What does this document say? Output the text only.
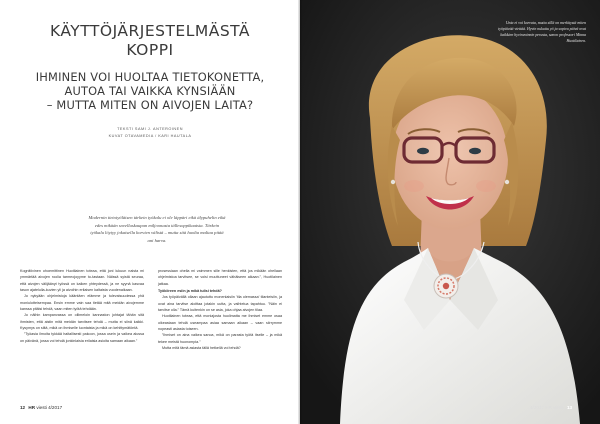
KÄYTTÖJÄRJESTELMÄSTÄ
KOPPI
IHMINEN VOI HUOLTAA TIETOKONETTA,
AUTOA TAI VAIKKA KYNSIÄÄN
– MUTTA MITEN ON AIVOJEN LAITA?
TEKSTI SAMI J. ANTEROINEN
KUVAT OTAVAMEDIA / KARI HAUTALA
Modernin tietotyöläisen tärkein työkalu ei ole läppäri eikä älypuhelin eikä edes mikään sovelluskaupan miljoonasta tällesoppikaatsta. Tärkein työkalu löytyy jokaisella korvien välistä – mutta sitä huolta maltaa pitää ani harva.

Kognitiivinen ohoemittinen Huotilainen toteaa, että joni lukuun naista mi ymmärtää aivojen roolia tarmeojoyyme to-tastaan. Näissä syistä seuraa, että aivojen välijäänyt työssä on kaiken yhteydessä, ja ne syynä kasvaa tason ajatelulla-kuvien yli ja aivoihin erilaisen kaltaista vuodenaikaan.

Jo nykyään ohjelmistoja kääntäen elämme ja tulevaisuudessa yhä moniulotteisempaa. Ensin emme vain saa tietää mitä meidän aivojemme kanssa pitäisi tehdä, vaan miten työtä tehdään.

Jo näihin kampanvassa on ollimeloin kannaston johtajat tähän sitä ihmisten, että aistin mitä meidän tarvitsee tehdä – mutta ei siinä kaikki. Kysymys on siitä, mikä on ihmiselle luontaista ja mikä on kehittymätöntä.

”Työasia ilmoita tykkää haitallisesti pakoon, jossa usein ja vaikea alussa on päivänä, jossa voi tehdä jonkinlaisia erilaisia asioita samaan aikaan.”

prosessiaan ohella mi vaimmen sille henkisten, että jos mikään ohellaan ohjelmistoa tarvitsee, se voisi muuttuneet vähäiseen aikaan.”, Huotilainen jatkaa.

Työkiireen esiin ja mikä tulisi tehdä?

Jos työpäivällä ollaan ajaututtu monenlaisiin ’tila olemassa’ tilanteisiin, ja ovat aina tarvitse aloittaa jotakin uutta, ja vaihtelua tapahtuu. ”Näin ei tarvitse olla.” Tämä kuitenkin on se asia, joka ohjaa aivojen tilaa.

Huotilainen toteaa, että moniajosta huolimatta me ihmiset emme osaa oikeastaan tehdä useampaa asiaa samaan aikaan – vaan siirrymme nopeasti asiasta toiseen.

”Ihmiset on aina vaikea sanoa, mikä on parasta työtä itselle – ja mikä tekee meistä huonompia.”

Mutta mitä tämä asiasta tällä hetkellä voi tehdä?

12 HR viesti 4/2017
Unia ei voi korvata, mutta sillä on merkitystä miten työpäivää viettää. Hyvin nukuttu yö ja sopiva päivä ovat kaikkien hyvinvoinnin perusta, sanoo professori Minna Huotilainen.
4/2017 HR viesti 13
